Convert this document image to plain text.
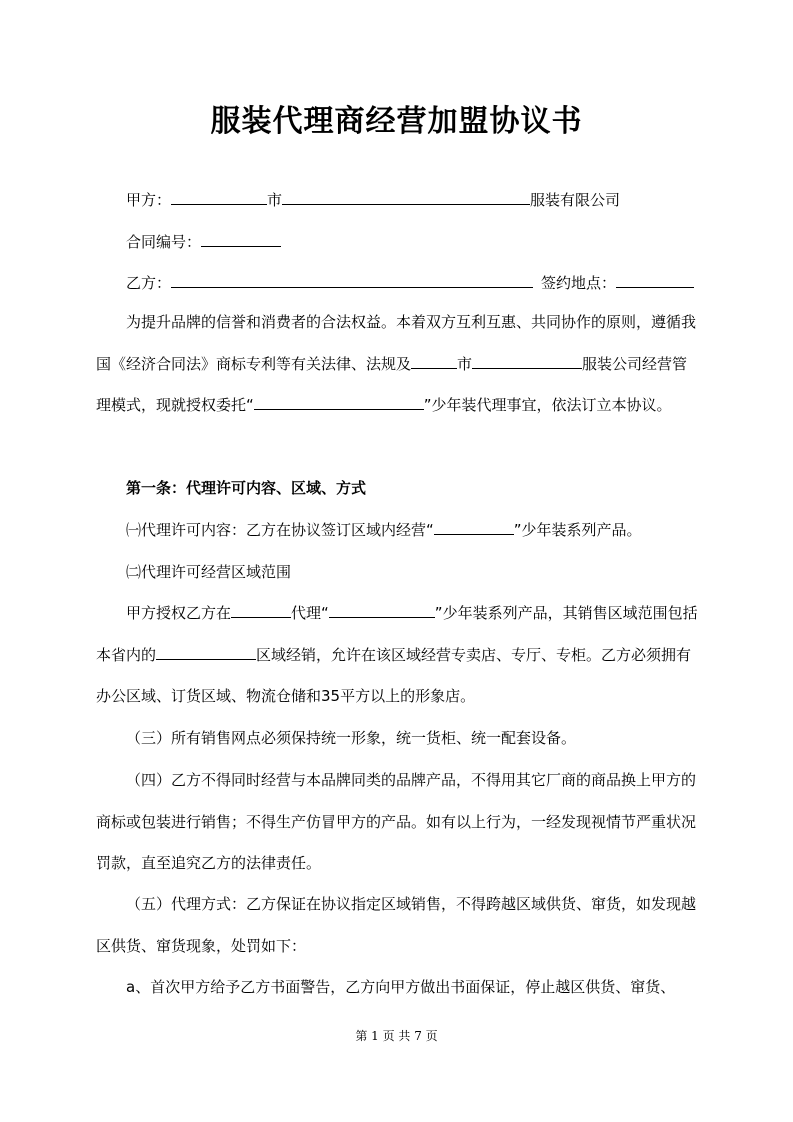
服装代理商经营加盟协议书
甲方：	市	服装有限公司
合同编号：
乙方：	签约地点：
为提升品牌的信誉和消费者的合法权益。本着双方互利互惠、共同协作的原则，遵循我国《经济合同法》商标专利等有关法律、法规及	市	服装公司经营管理模式，现就授权委托“	”少年装代理事宜，依法订立本协议。
第一条：代理许可内容、区域、方式
㈠代理许可内容：乙方在协议签订区域内经营“	”少年装系列产品。
㈡代理许可经营区域范围
甲方授权乙方在	代理“	”少年装系列产品，其销售区域范围包括本省内的	区域经销，允许在该区域经营专卖店、专厅、专柜。乙方必须拥有办公区域、订货区域、物流仓储和35平方以上的形象店。
（三）所有销售网点必须保持统一形象，统一货柜、统一配套设备。
（四）乙方不得同时经营与本品牌同类的品牌产品，不得用其它厂商的商品换上甲方的商标或包装进行销售；不得生产仿冒甲方的产品。如有以上行为，一经发现视情节严重状况罚款，直至追究乙方的法律责任。
（五）代理方式：乙方保证在协议指定区域销售，不得跨越区域供货、窜货，如发现越区供货、窜货现象，处罚如下：
a、首次甲方给予乙方书面警告，乙方向甲方做出书面保证，停止越区供货、窜货、
第 1 页 共 7 页
